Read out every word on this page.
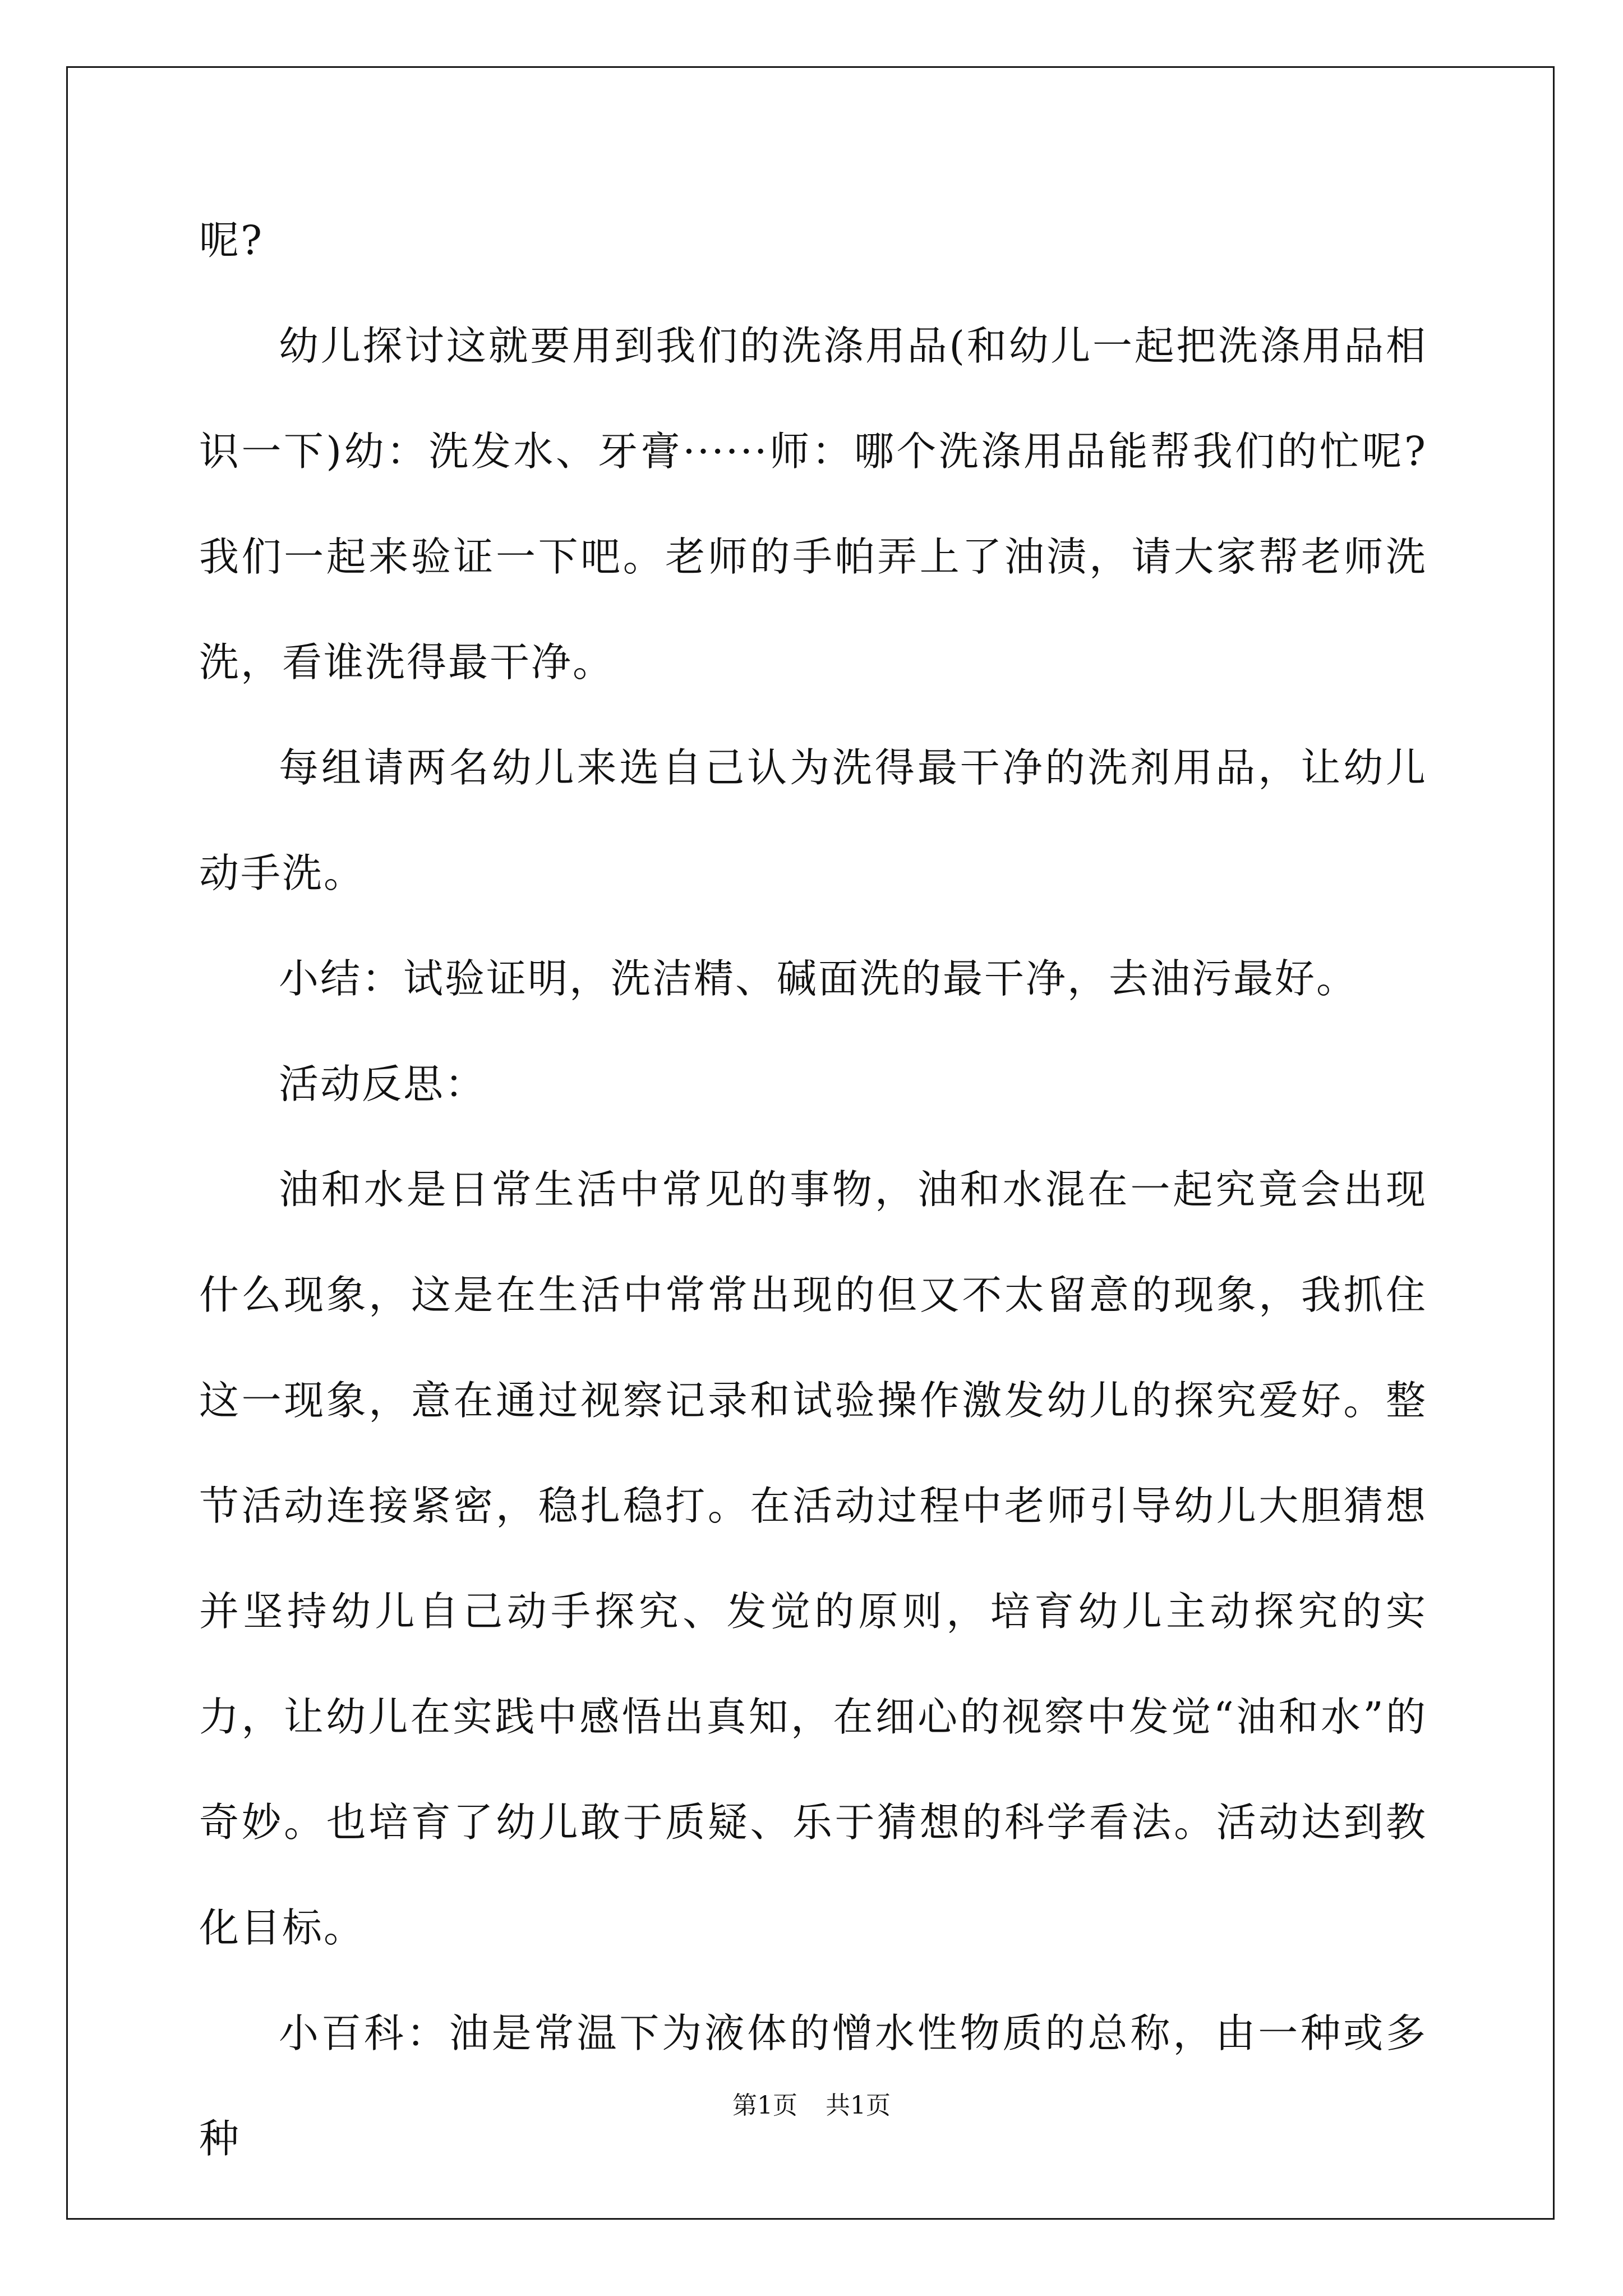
呢?

幼儿探讨这就要用到我们的洗涤用品(和幼儿一起把洗涤用品相识一下)幼：洗发水、牙膏······师：哪个洗涤用品能帮我们的忙呢?我们一起来验证一下吧。老师的手帕弄上了油渍，请大家帮老师洗洗，看谁洗得最干净。

每组请两名幼儿来选自己认为洗得最干净的洗剂用品，让幼儿动手洗。

小结：试验证明，洗洁精、碱面洗的最干净，去油污最好。

活动反思：

油和水是日常生活中常见的事物，油和水混在一起究竟会出现什么现象，这是在生活中常常出现的但又不太留意的现象，我抓住这一现象，意在通过视察记录和试验操作激发幼儿的探究爱好。整节活动连接紧密，稳扎稳打。在活动过程中老师引导幼儿大胆猜想并坚持幼儿自己动手探究、发觉的原则，培育幼儿主动探究的实力，让幼儿在实践中感悟出真知，在细心的视察中发觉“油和水”的奇妙。也培育了幼儿敢于质疑、乐于猜想的科学看法。活动达到教化目标。

小百科：油是常温下为液体的憎水性物质的总称，由一种或多种

第1页 共1页
